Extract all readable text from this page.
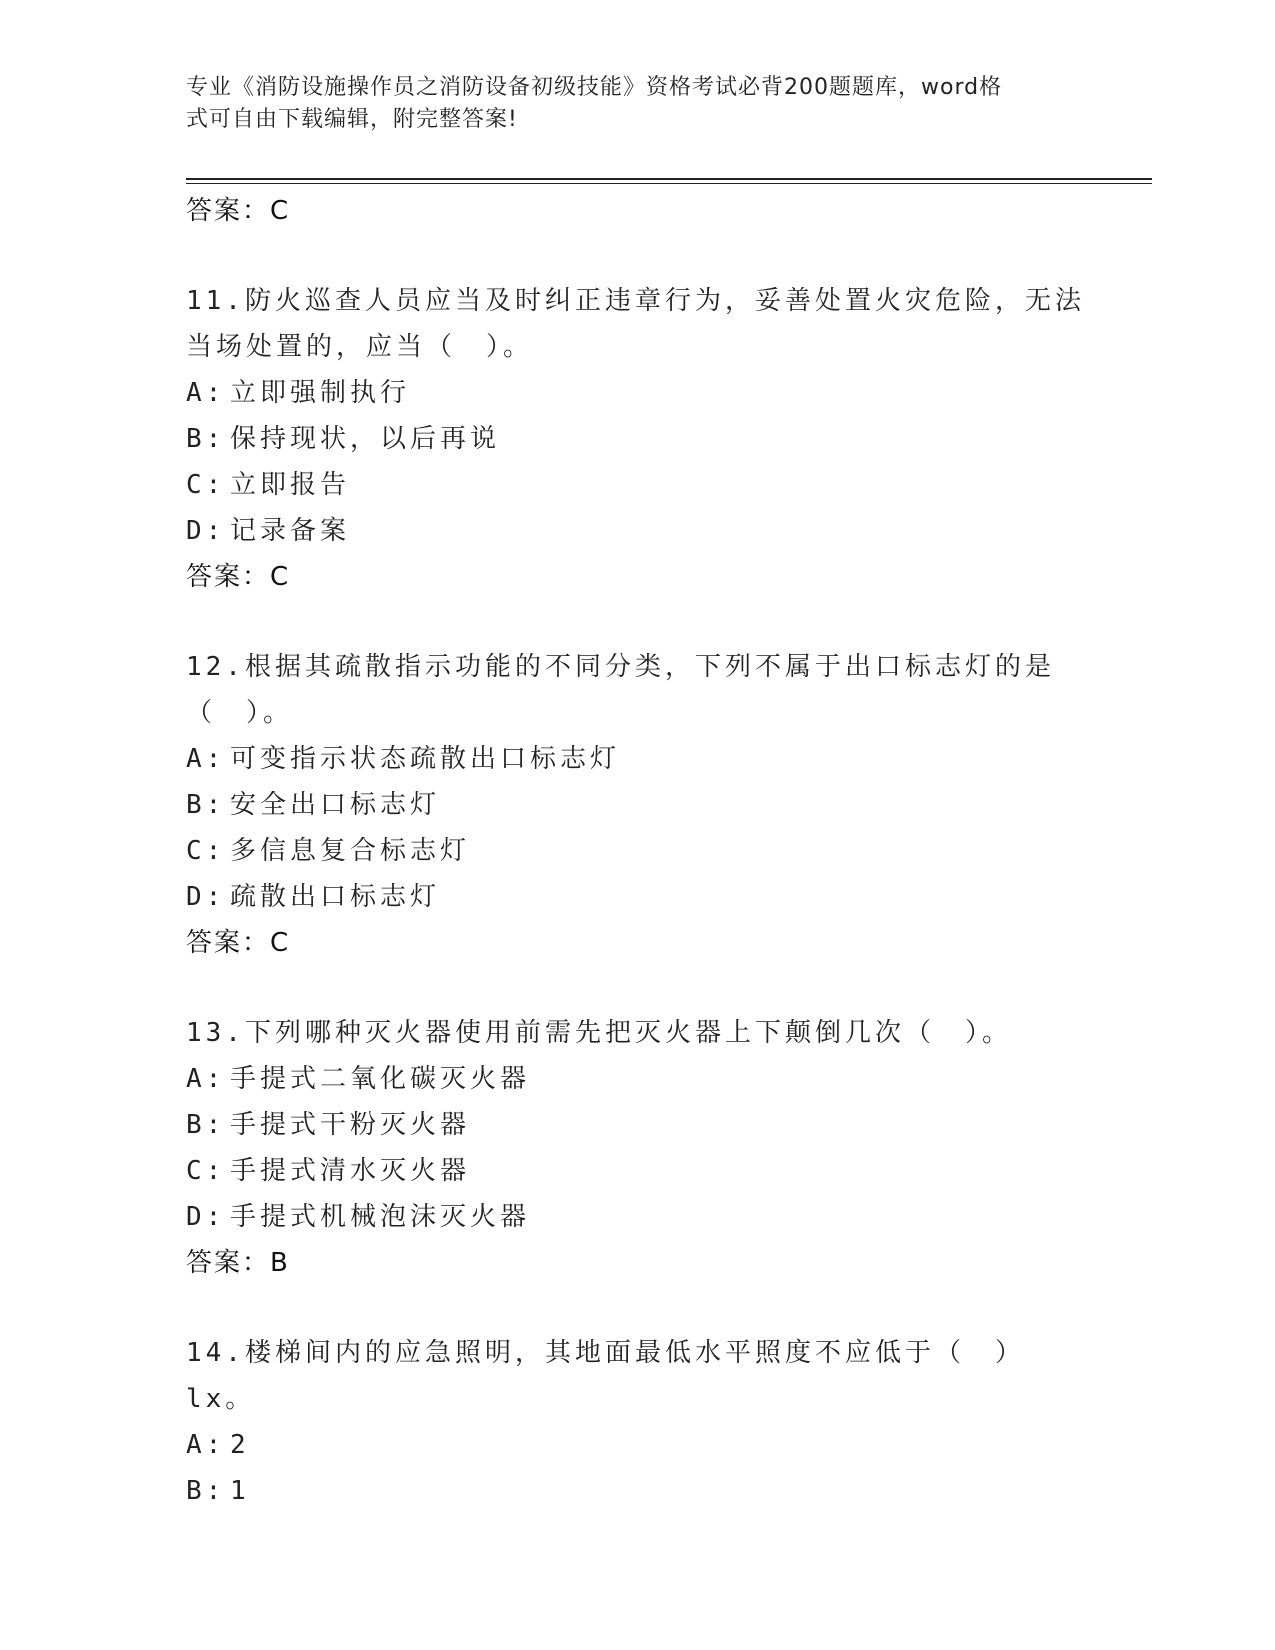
专业《消防设施操作员之消防设备初级技能》资格考试必背200题题库，word格
式可自由下载编辑，附完整答案!
答案：C
11.防火巡查人员应当及时纠正违章行为，妥善处置火灾危险，无法当场处置的，应当（　）。
A: 立即强制执行
B: 保持现状，以后再说
C: 立即报告
D: 记录备案
答案：C
12.根据其疏散指示功能的不同分类，下列不属于出口标志灯的是（　）。
A: 可变指示状态疏散出口标志灯
B: 安全出口标志灯
C: 多信息复合标志灯
D: 疏散出口标志灯
答案：C
13.下列哪种灭火器使用前需先把灭火器上下颠倒几次（　）。
A: 手提式二氧化碳灭火器
B: 手提式干粉灭火器
C: 手提式清水灭火器
D: 手提式机械泡沫灭火器
答案：B
14.楼梯间内的应急照明，其地面最低水平照度不应低于（　）lx。
A: 2
B: 1
